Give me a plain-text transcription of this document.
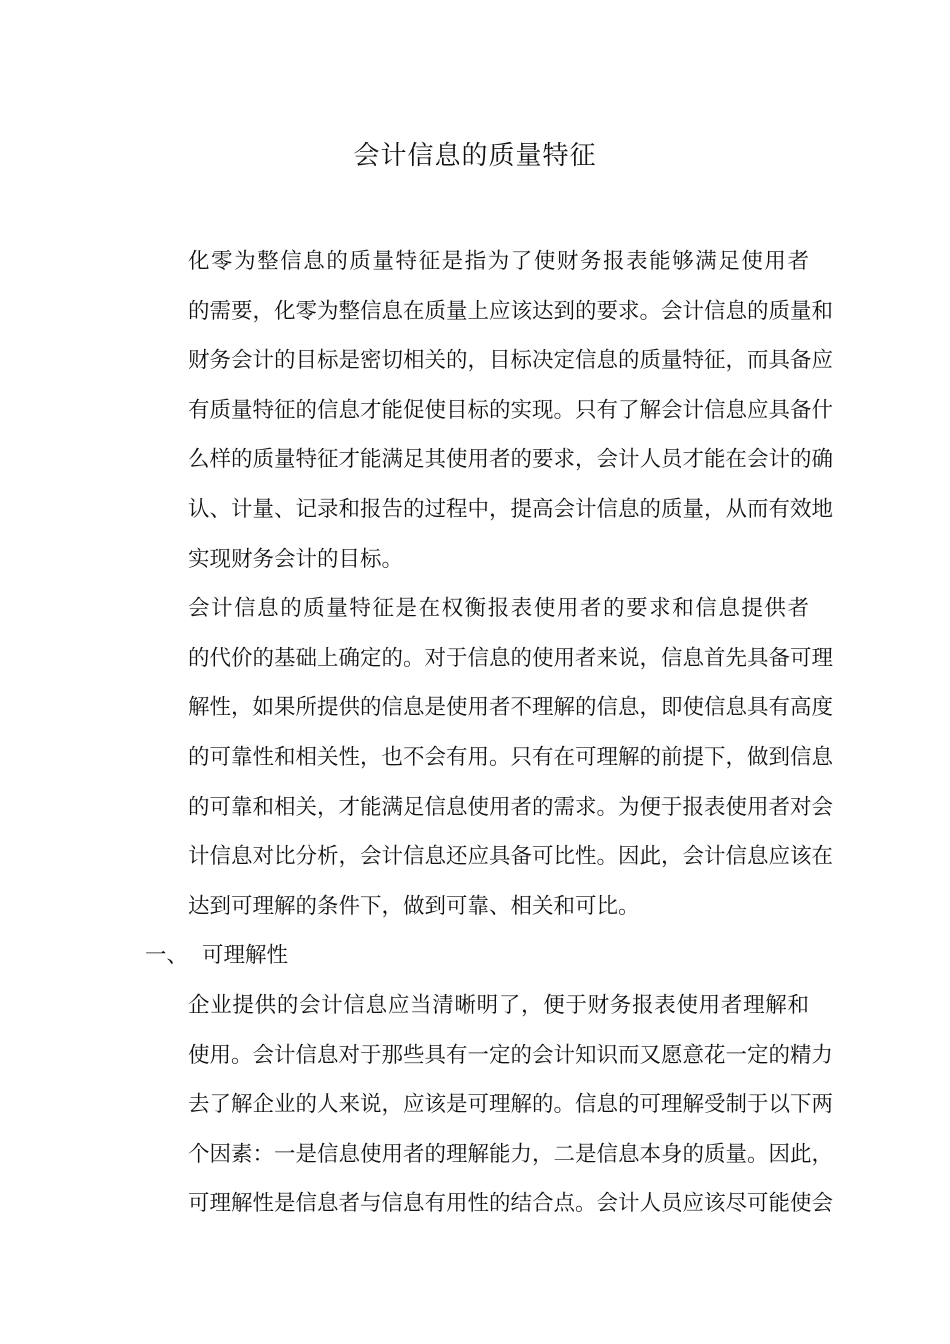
会计信息的质量特征

化零为整信息的质量特征是指为了使财务报表能够满足使用者
的需要，化零为整信息在质量上应该达到的要求。会计信息的质量和
财务会计的目标是密切相关的，目标决定信息的质量特征，而具备应
有质量特征的信息才能促使目标的实现。只有了解会计信息应具备什
么样的质量特征才能满足其使用者的要求，会计人员才能在会计的确
认、计量、记录和报告的过程中，提高会计信息的质量，从而有效地
实现财务会计的目标。

会计信息的质量特征是在权衡报表使用者的要求和信息提供者
的代价的基础上确定的。对于信息的使用者来说，信息首先具备可理
解性，如果所提供的信息是使用者不理解的信息，即使信息具有高度
的可靠性和相关性，也不会有用。只有在可理解的前提下，做到信息
的可靠和相关，才能满足信息使用者的需求。为便于报表使用者对会
计信息对比分析，会计信息还应具备可比性。因此，会计信息应该在
达到可理解的条件下，做到可靠、相关和可比。

一、 可理解性

企业提供的会计信息应当清晰明了，便于财务报表使用者理解和
使用。会计信息对于那些具有一定的会计知识而又愿意花一定的精力
去了解企业的人来说，应该是可理解的。信息的可理解受制于以下两
个因素：一是信息使用者的理解能力，二是信息本身的质量。因此，
可理解性是信息者与信息有用性的结合点。会计人员应该尽可能使会
